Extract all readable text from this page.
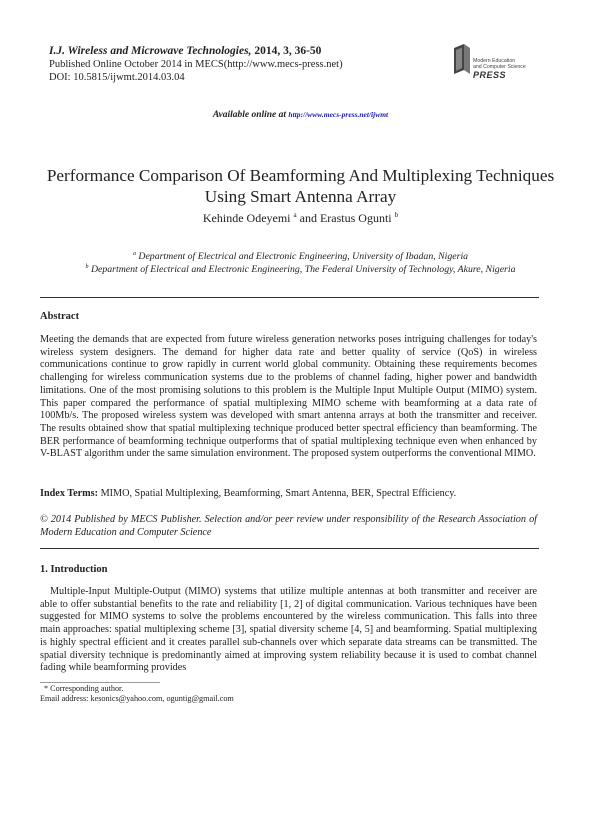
I.J. Wireless and Microwave Technologies, 2014, 3, 36-50
Published Online October 2014 in MECS(http://www.mecs-press.net)
DOI: 10.5815/ijwmt.2014.03.04
Modern Education
and Computer Science
PRESS
Available online at http://www.mecs-press.net/ijwmt
Performance Comparison Of Beamforming And Multiplexing Techniques Using Smart Antenna Array
Kehinde Odeyemi $^a$ and Erastus Ogunti $^b$
$^a$ Department of Electrical and Electronic Engineering, University of Ibadan, Nigeria
$^b$ Department of Electrical and Electronic Engineering, The Federal University of Technology, Akure, Nigeria
Abstract
Meeting the demands that are expected from future wireless generation networks poses intriguing challenges for today's wireless system designers. The demand for higher data rate and better quality of service (QoS) in wireless communications continue to grow rapidly in current world global community. Obtaining these requirements becomes challenging for wireless communication systems due to the problems of channel fading, higher power and bandwidth limitations. One of the most promising solutions to this problem is the Multiple Input Multiple Output (MIMO) system. This paper compared the performance of spatial multiplexing MIMO scheme with beamforming at a data rate of 100Mb/s. The proposed wireless system was developed with smart antenna arrays at both the transmitter and receiver. The results obtained show that spatial multiplexing technique produced better spectral efficiency than beamforming. The BER performance of beamforming technique outperforms that of spatial multiplexing technique even when enhanced by V-BLAST algorithm under the same simulation environment. The proposed system outperforms the conventional MIMO.
Index Terms: MIMO, Spatial Multiplexing, Beamforming, Smart Antenna, BER, Spectral Efficiency.
© 2014 Published by MECS Publisher. Selection and/or peer review under responsibility of the Research Association of Modern Education and Computer Science
1. Introduction
Multiple-Input Multiple-Output (MIMO) systems that utilize multiple antennas at both transmitter and receiver are able to offer substantial benefits to the rate and reliability [1, 2] of digital communication. Various techniques have been suggested for MIMO systems to solve the problems encountered by the wireless communication. This falls into three main approaches: spatial multiplexing scheme [3], spatial diversity scheme [4, 5] and beamforming. Spatial multiplexing is highly spectral efficient and it creates parallel sub-channels over which separate data streams can be transmitted. The spatial diversity technique is predominantly aimed at improving system reliability because it is used to combat channel fading while beamforming provides
* Corresponding author.
Email address: kesonics@yahoo.com, oguntig@gmail.com
